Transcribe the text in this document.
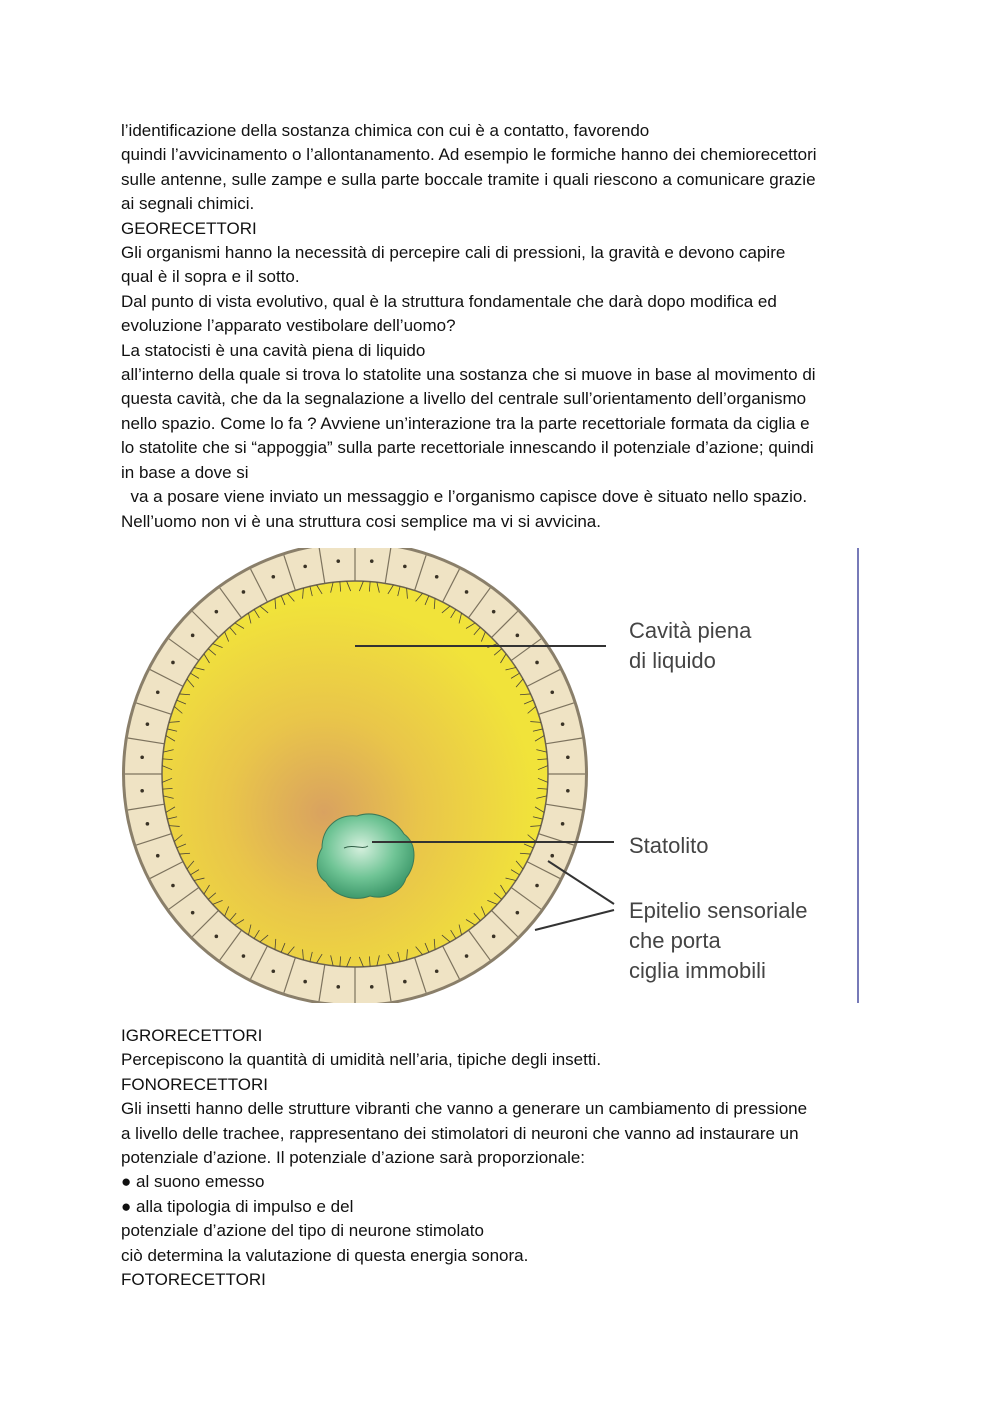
l’identificazione della sostanza chimica con cui è a contatto, favorendo

quindi l’avvicinamento o l’allontanamento. Ad esempio le formiche hanno dei chemiorecettori

sulle antenne, sulle zampe e sulla parte boccale tramite i quali riescono a comunicare grazie

ai segnali chimici.

GEORECETTORI

Gli organismi hanno la necessità di percepire cali di pressioni, la gravità e devono capire

qual è il sopra e il sotto.

Dal punto di vista evolutivo, qual è la struttura fondamentale che darà dopo modifica ed

evoluzione l’apparato vestibolare dell’uomo?

La statocisti è una cavità piena di liquido

all’interno della quale si trova lo statolite una sostanza che si muove in base al movimento di

questa cavità, che da la segnalazione a livello del centrale sull’orientamento dell’organismo

nello spazio. Come lo fa ? Avviene un’interazione tra la parte recettoriale formata da ciglia e

lo statolite che si “appoggia” sulla parte recettoriale innescando il potenziale d’azione; quindi

in base a dove si

va a posare viene inviato un messaggio e l’organismo capisce dove è situato nello spazio.

Nell’uomo non vi è una struttura cosi semplice ma vi si avvicina.

Cavità piena
di liquido
Statolito
Epitelio sensoriale
che porta
ciglia immobili

IGRORECETTORI

Percepiscono la quantità di umidità nell’aria, tipiche degli insetti.

FONORECETTORI

Gli insetti hanno delle strutture vibranti che vanno a generare un cambiamento di pressione

a livello delle trachee, rappresentano dei stimolatori di neuroni che vanno ad instaurare un

potenziale d’azione. Il potenziale d’azione sarà proporzionale:

● al suono emesso

● alla tipologia di impulso e del

potenziale d’azione del tipo di neurone stimolato

ciò determina la valutazione di questa energia sonora.

FOTORECETTORI
